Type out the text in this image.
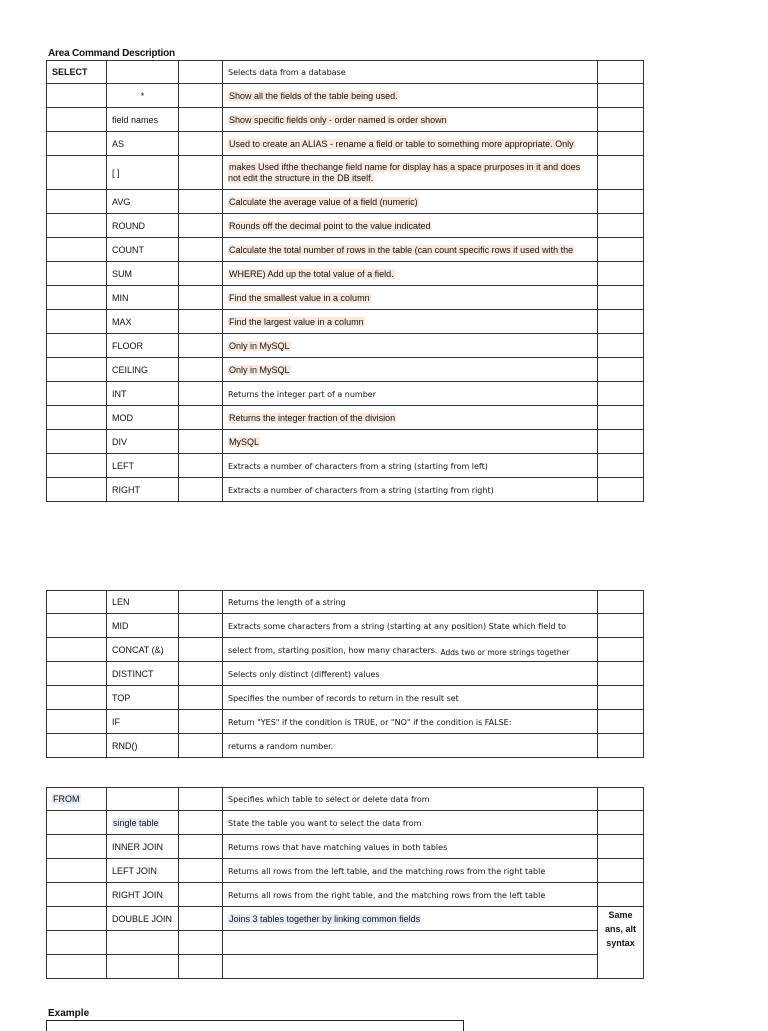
Area Command Description
SELECT			Selects data from a database	
	*		Show all the fields of the table being used.	
	field names		Show specific fields only - order named is order shown	
	AS		Used to create an ALIAS - rename a field or table to something more appropriate. Only	
	[ ]		makes Used ifthe thechange field name for display has a space prurposes in it and does not edit the structure in the DB itself.	
	AVG		Calculate the average value of a field (numeric)	
	ROUND		Rounds off the decimal point to the value indicated	
	COUNT		Calculate the total number of rows in the table (can count specific rows if used with the	
	SUM		WHERE) Add up the total value of a field.	
	MIN		Find the smallest value in a column	
	MAX		Find the largest value in a column	
	FLOOR		Only in MySQL	
	CEILING		Only in MySQL	
	INT		Returns the integer part of a number	
	MOD		Returns the integer fraction of the division	
	DIV		MySQL	
	LEFT		Extracts a number of characters from a string (starting from left)	
	RIGHT		Extracts a number of characters from a string (starting from right)	
	LEN		Returns the length of a string	
	MID		Extracts some characters from a string (starting at any position) State which field to	
	CONCAT (&)		select from, starting position, how many characters. $_{Adds two or more strings together}$	
	DISTINCT		Selects only distinct (different) values	
	TOP		Specifies the number of records to return in the result set	
	IF		Return "YES" if the condition is TRUE, or "NO" if the condition is FALSE:	
	RND()		returns a random number.	
FROM			Specifies which table to select or delete data from	
	single table		State the table you want to select the data from	
	INNER JOIN		Returns rows that have matching values in both tables	
	LEFT JOIN		Returns all rows from the left table, and the matching rows from the right table	
	RIGHT JOIN		Returns all rows from the right table, and the matching rows from the left table	
	DOUBLE JOIN		Joins 3 tables together by linking common fields	Same ans, alt syntax

Example
